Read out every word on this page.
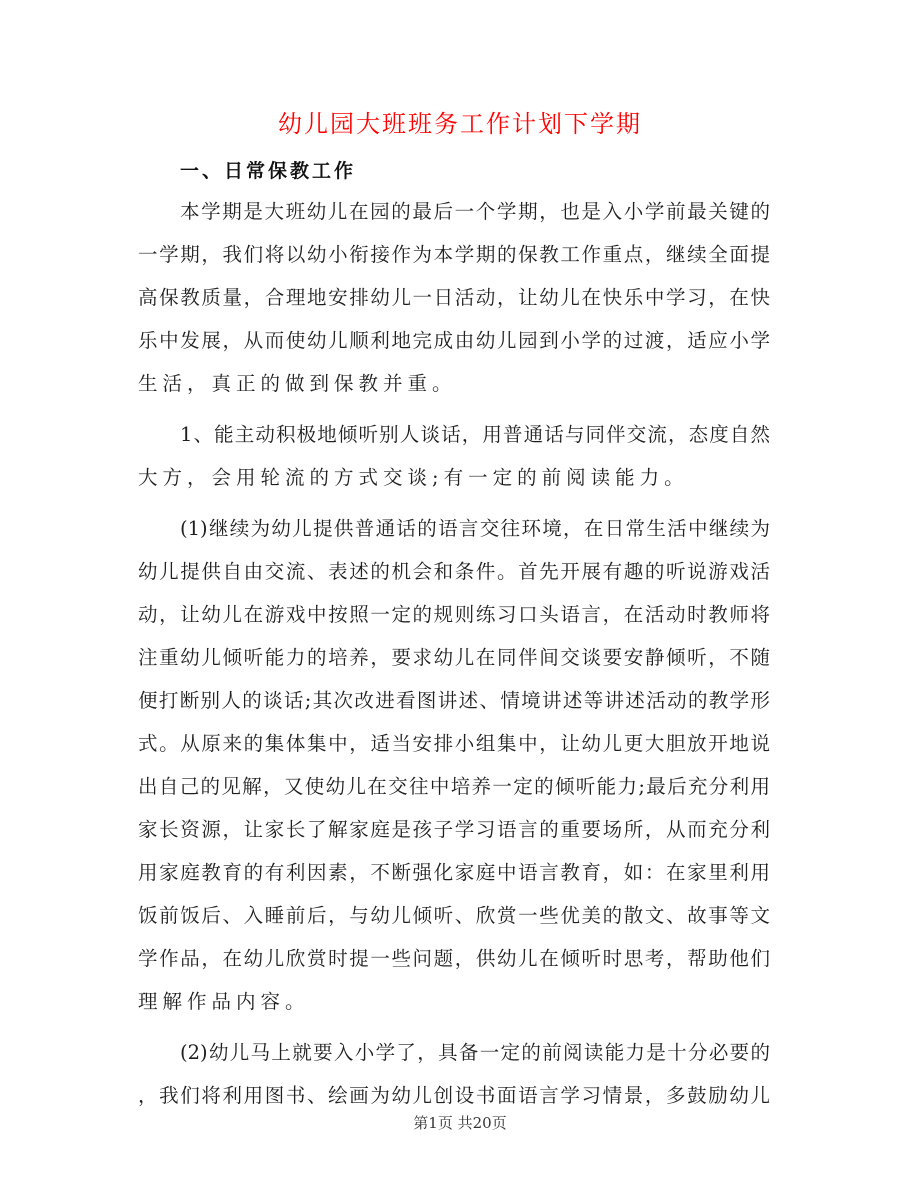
幼儿园大班班务工作计划下学期
一、日常保教工作
本学期是大班幼儿在园的最后一个学期，也是入小学前最关键的
一学期，我们将以幼小衔接作为本学期的保教工作重点，继续全面提
高保教质量，合理地安排幼儿一日活动，让幼儿在快乐中学习，在快
乐中发展，从而使幼儿顺利地完成由幼儿园到小学的过渡，适应小学
生活，真正的做到保教并重。
1、能主动积极地倾听别人谈话，用普通话与同伴交流，态度自然
大方，会用轮流的方式交谈;有一定的前阅读能力。
(1)继续为幼儿提供普通话的语言交往环境，在日常生活中继续为
幼儿提供自由交流、表述的机会和条件。首先开展有趣的听说游戏活
动，让幼儿在游戏中按照一定的规则练习口头语言，在活动时教师将
注重幼儿倾听能力的培养，要求幼儿在同伴间交谈要安静倾听，不随
便打断别人的谈话;其次改进看图讲述、情境讲述等讲述活动的教学形
式。从原来的集体集中，适当安排小组集中，让幼儿更大胆放开地说
出自己的见解，又使幼儿在交往中培养一定的倾听能力;最后充分利用
家长资源，让家长了解家庭是孩子学习语言的重要场所，从而充分利
用家庭教育的有利因素，不断强化家庭中语言教育，如：在家里利用
饭前饭后、入睡前后，与幼儿倾听、欣赏一些优美的散文、故事等文
学作品，在幼儿欣赏时提一些问题，供幼儿在倾听时思考，帮助他们
理解作品内容。
(2)幼儿马上就要入小学了，具备一定的前阅读能力是十分必要的
，我们将利用图书、绘画为幼儿创设书面语言学习情景，多鼓励幼儿
第1页 共20页
